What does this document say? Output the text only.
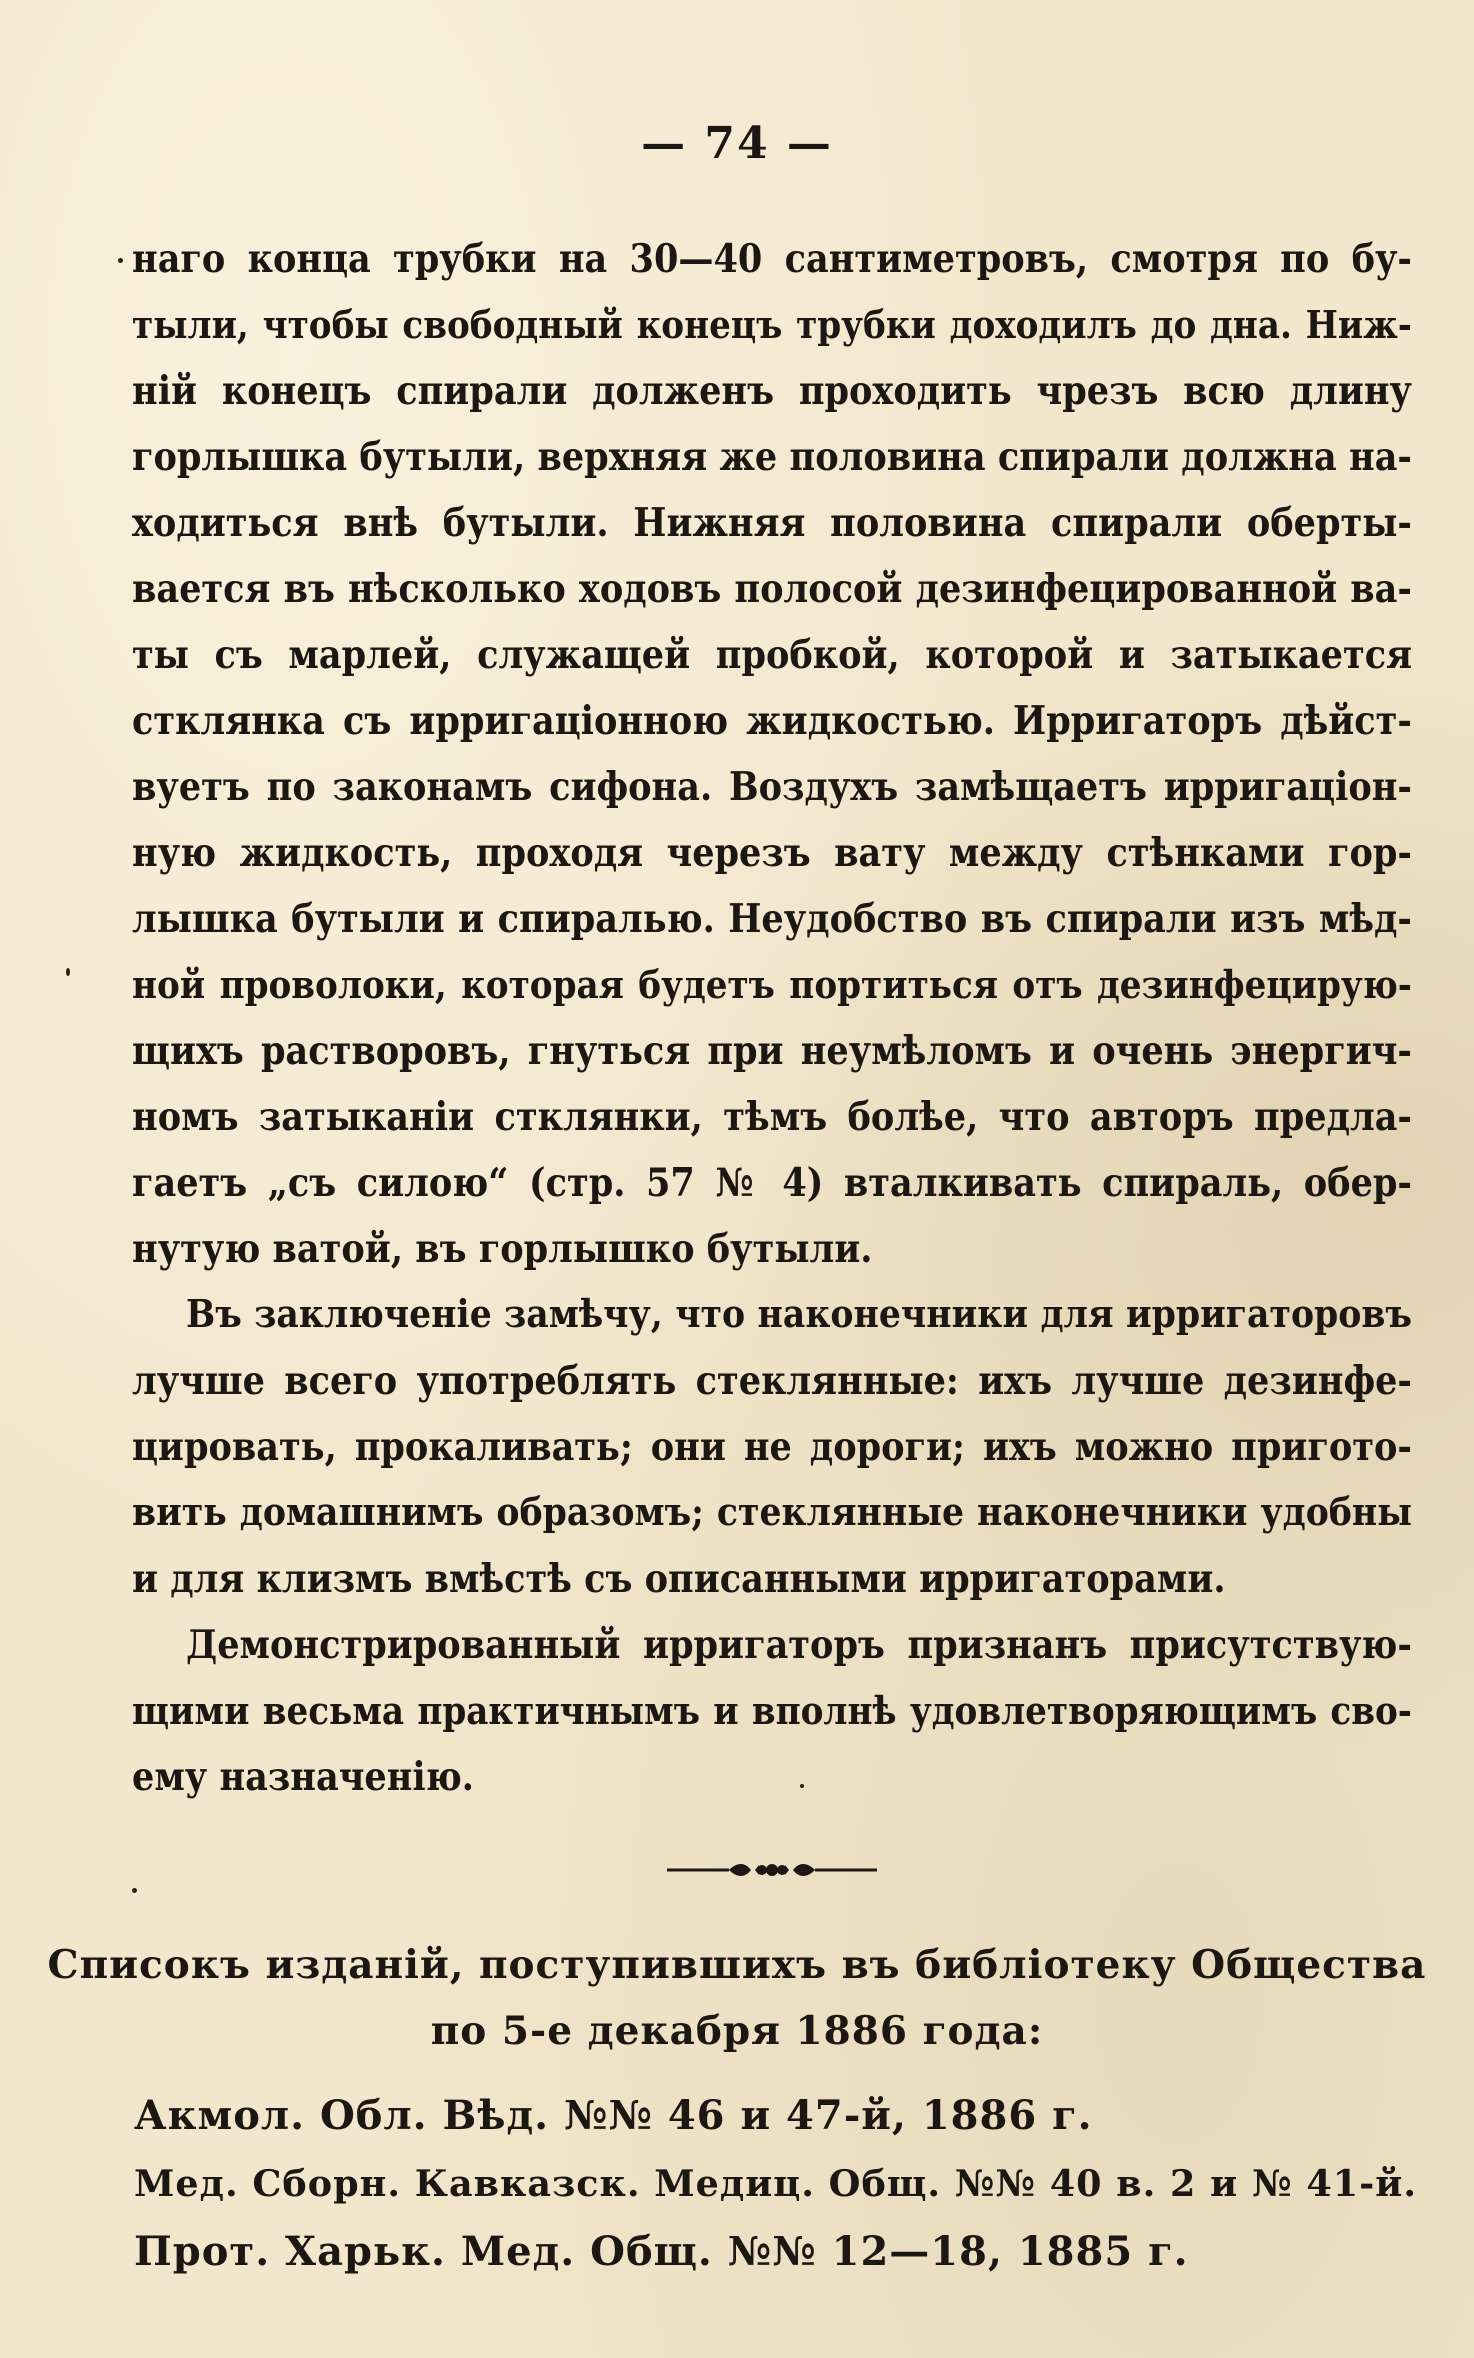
— 74 —
наго конца трубки на 30—40 сантиметровъ, смотря по бу-
тыли, чтобы свободный конецъ трубки доходилъ до дна. Ниж-
ній конецъ спирали долженъ проходить чрезъ всю длину
горлышка бутыли, верхняя же половина спирали должна на-
ходиться внѣ бутыли. Нижняя половина спирали оберты-
вается въ нѣсколько ходовъ полосой дезинфецированной ва-
ты съ марлей, служащей пробкой, которой и затыкается
стклянка съ ирригаціонною жидкостью. Ирригаторъ дѣйст-
вуетъ по законамъ сифона. Воздухъ замѣщаетъ ирригаціон-
ную жидкость, проходя черезъ вату между стѣнками гор-
лышка бутыли и спиралью. Неудобство въ спирали изъ мѣд-
ной проволоки, которая будетъ портиться отъ дезинфецирую-
щихъ растворовъ, гнуться при неумѣломъ и очень энергич-
номъ затыканіи стклянки, тѣмъ болѣе, что авторъ предла-
гаетъ „съ силою“ (стр. 57 № 4) вталкивать спираль, обер-
нутую ватой, въ горлышко бутыли.
Въ заключеніе замѣчу, что наконечники для ирригаторовъ
лучше всего употреблять стеклянные: ихъ лучше дезинфе-
цировать, прокаливать; они не дороги; ихъ можно пригото-
вить домашнимъ образомъ; стеклянные наконечники удобны
и для клизмъ вмѣстѣ съ описанными ирригаторами.
Демонстрированный ирригаторъ признанъ присутствую-
щими весьма практичнымъ и вполнѣ удовлетворяющимъ сво-
ему назначенію.
Списокъ изданій, поступившихъ въ библіотеку Общества
по 5-е декабря 1886 года:
Акмол. Обл. Вѣд. №№ 46 и 47-й, 1886 г.
Мед. Сборн. Кавказск. Медиц. Общ. №№ 40 в. 2 и № 41-й.
Прот. Харьк. Мед. Общ. №№ 12—18, 1885 г.
